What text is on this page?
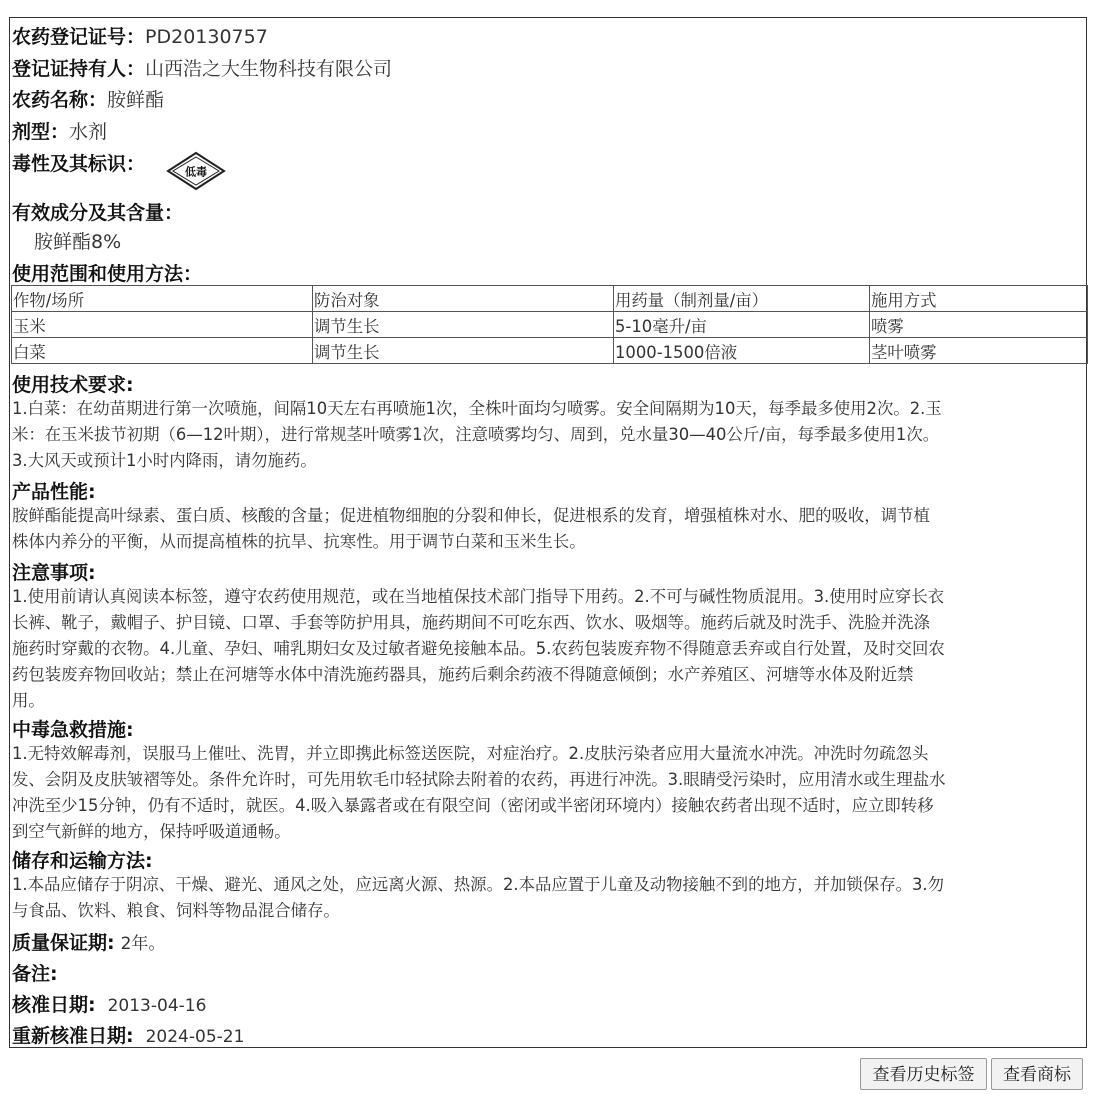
农药登记证号：PD20130757
登记证持有人：山西浩之大生物科技有限公司
农药名称：胺鲜酯
剂型：水剂
毒性及其标识：	低毒
有效成分及其含量：
胺鲜酯8%
使用范围和使用方法：
作物/场所	防治对象	用药量（制剂量/亩）	施用方式
玉米	调节生长	5-10毫升/亩	喷雾
白菜	调节生长	1000-1500倍液	茎叶喷雾
使用技术要求:
1.白菜：在幼苗期进行第一次喷施，间隔10天左右再喷施1次，全株叶面均匀喷雾。安全间隔期为10天，每季最多使用2次。2.玉
米：在玉米拔节初期（6—12叶期），进行常规茎叶喷雾1次，注意喷雾均匀、周到，兑水量30—40公斤/亩，每季最多使用1次。
3.大风天或预计1小时内降雨，请勿施药。
产品性能:
胺鲜酯能提高叶绿素、蛋白质、核酸的含量；促进植物细胞的分裂和伸长，促进根系的发育，增强植株对水、肥的吸收，调节植
株体内养分的平衡，从而提高植株的抗旱、抗寒性。用于调节白菜和玉米生长。
注意事项:
1.使用前请认真阅读本标签，遵守农药使用规范，或在当地植保技术部门指导下用药。2.不可与碱性物质混用。3.使用时应穿长衣
长裤、靴子，戴帽子、护目镜、口罩、手套等防护用具，施药期间不可吃东西、饮水、吸烟等。施药后就及时洗手、洗脸并洗涤
施药时穿戴的衣物。4.儿童、孕妇、哺乳期妇女及过敏者避免接触本品。5.农药包装废弃物不得随意丢弃或自行处置，及时交回农
药包装废弃物回收站；禁止在河塘等水体中清洗施药器具，施药后剩余药液不得随意倾倒；水产养殖区、河塘等水体及附近禁
用。
中毒急救措施:
1.无特效解毒剂，误服马上催吐、洗胃，并立即携此标签送医院，对症治疗。2.皮肤污染者应用大量流水冲洗。冲洗时勿疏忽头
发、会阴及皮肤皱褶等处。条件允许时，可先用软毛巾轻拭除去附着的农药，再进行冲洗。3.眼睛受污染时，应用清水或生理盐水
冲洗至少15分钟，仍有不适时，就医。4.吸入暴露者或在有限空间（密闭或半密闭环境内）接触农药者出现不适时，应立即转移
到空气新鲜的地方，保持呼吸道通畅。
储存和运输方法:
1.本品应储存于阴凉、干燥、避光、通风之处，应远离火源、热源。2.本品应置于儿童及动物接触不到的地方，并加锁保存。3.勿
与食品、饮料、粮食、饲料等物品混合储存。
质量保证期: 2年。
备注:
核准日期: 2013-04-16
重新核准日期: 2024-05-21
查看历史标签	查看商标
